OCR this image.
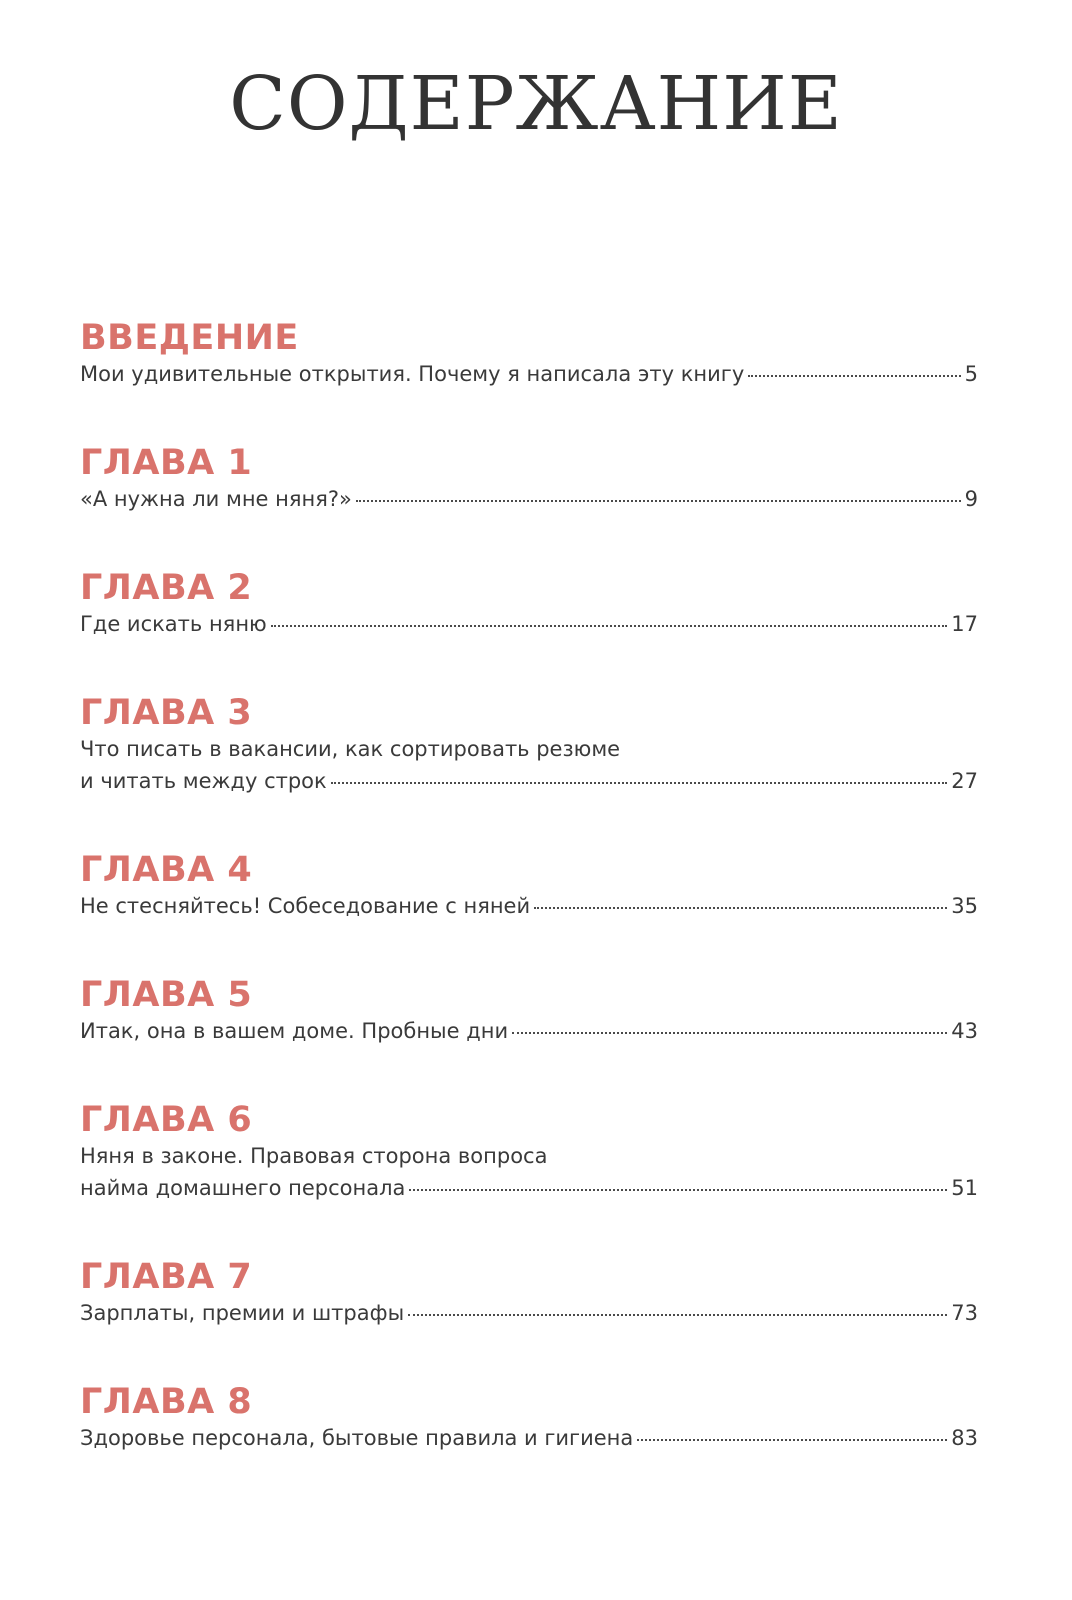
СОДЕРЖАНИЕ
ВВЕДЕНИЕ
Мои удивительные открытия. Почему я написала эту книгу	5
ГЛАВА 1
«А нужна ли мне няня?»	9
ГЛАВА 2
Где искать няню	17
ГЛАВА 3
Что писать в вакансии, как сортировать резюме
и читать между строк	27
ГЛАВА 4
Не стесняйтесь! Собеседование с няней	35
ГЛАВА 5
Итак, она в вашем доме. Пробные дни	43
ГЛАВА 6
Няня в законе. Правовая сторона вопроса
найма домашнего персонала	51
ГЛАВА 7
Зарплаты, премии и штрафы	73
ГЛАВА 8
Здоровье персонала, бытовые правила и гигиена	83
